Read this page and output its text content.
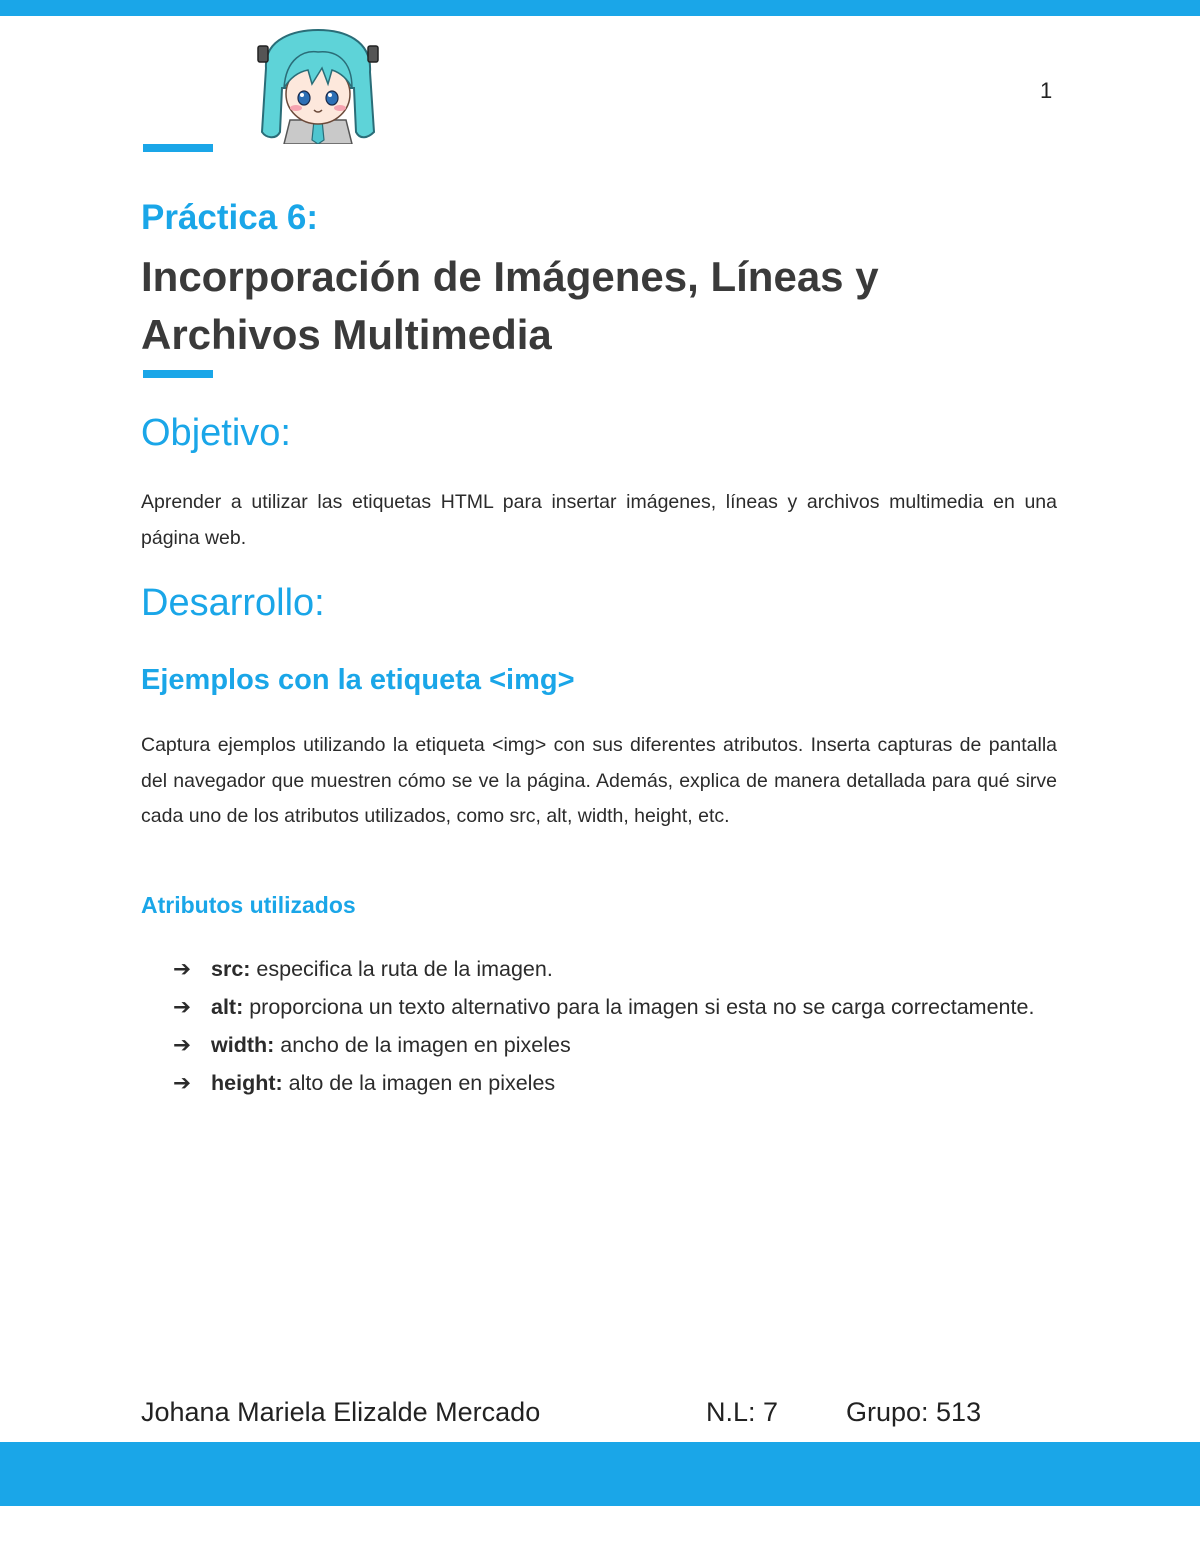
1
Práctica 6:
Incorporación de Imágenes, Líneas y
Archivos Multimedia
Objetivo:
Aprender a utilizar las etiquetas HTML para insertar imágenes, líneas y archivos multimedia en una página web.
Desarrollo:
Ejemplos con la etiqueta <img>
Captura ejemplos utilizando la etiqueta <img> con sus diferentes atributos. Inserta capturas de pantalla del navegador que muestren cómo se ve la página. Además, explica de manera detallada para qué sirve cada uno de los atributos utilizados, como src, alt, width, height, etc.
Atributos utilizados
➔ src: especifica la ruta de la imagen.
➔ alt: proporciona un texto alternativo para la imagen si esta no se carga correctamente.
➔ width: ancho de la imagen en pixeles
➔ height: alto de la imagen en pixeles
Johana Mariela Elizalde Mercado	N.L: 7	Grupo: 513
